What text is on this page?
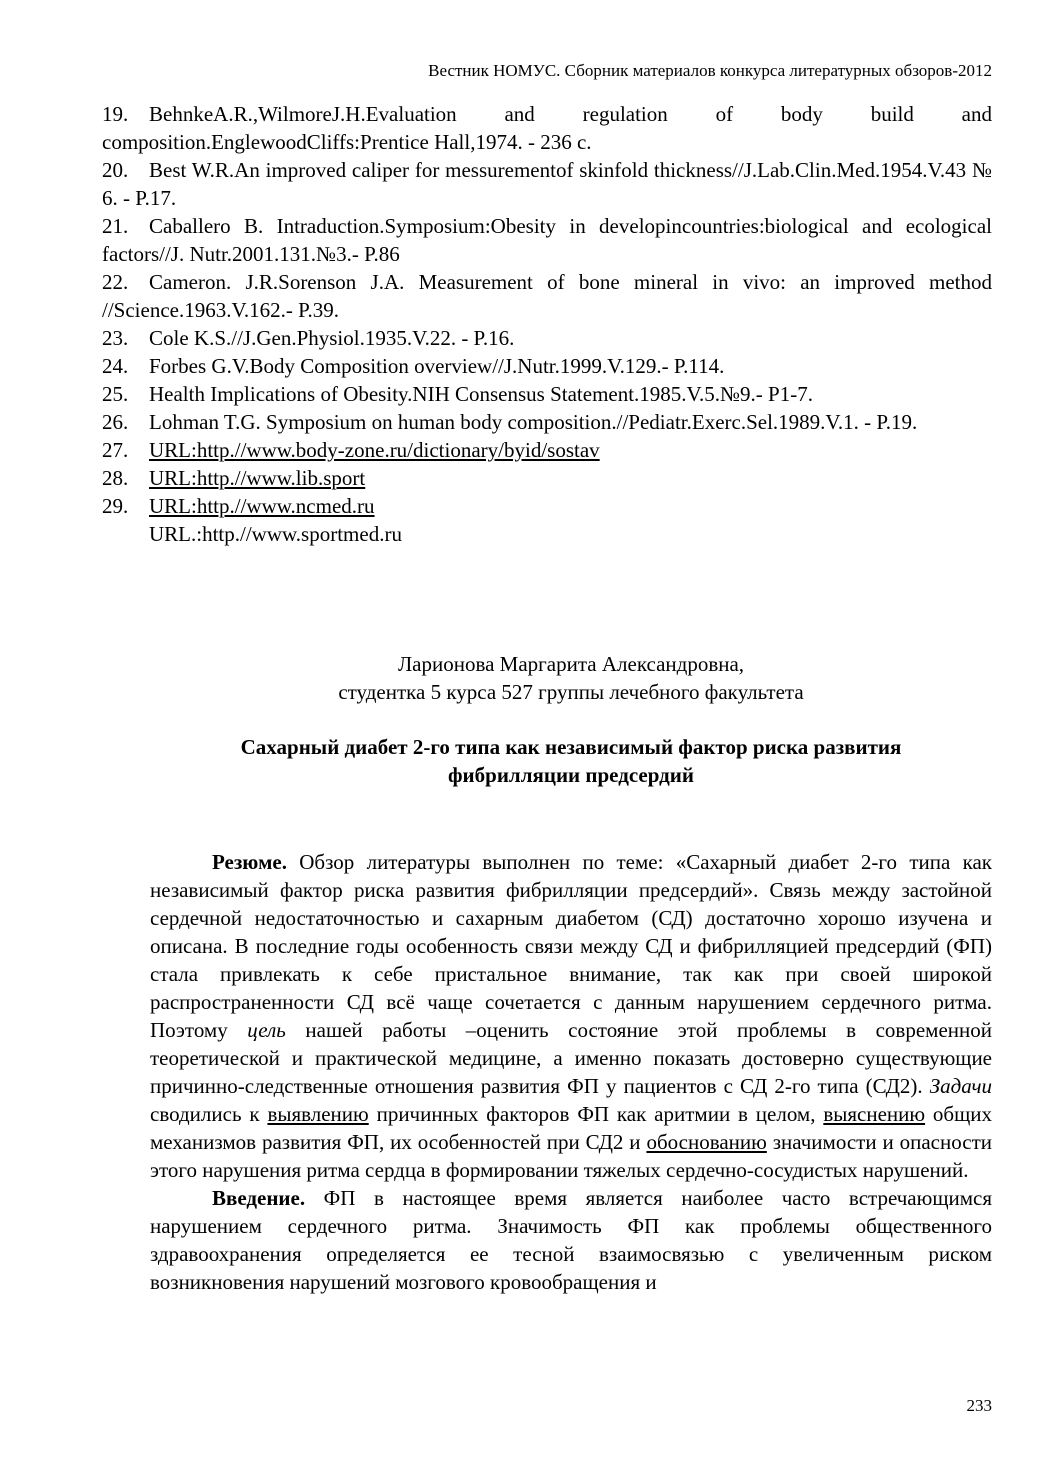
Вестник НОМУС. Сборник материалов конкурса литературных обзоров-2012
19. BehnkeA.R.,WilmoreJ.H.Evaluation and regulation of body build and composition.EnglewoodCliffs:Prentice Hall,1974. - 236 c.
20. Best W.R.An improved caliper for messurementof skinfold thickness//J.Lab.Clin.Med.1954.V.43 № 6. - P.17.
21. Caballero B. Intraduction.Symposium:Obesity in developincountries:biological and ecological factors//J. Nutr.2001.131.№3.- P.86
22. Cameron. J.R.Sorenson J.A. Measurement of bone mineral in vivo: an improved method //Science.1963.V.162.- P.39.
23. Cole K.S.//J.Gen.Physiol.1935.V.22. - P.16.
24. Forbes G.V.Body Composition overview//J.Nutr.1999.V.129.- P.114.
25. Health Implications of Obesity.NIH Consensus Statement.1985.V.5.№9.- P1-7.
26. Lohman T.G. Symposium on human body composition.//Pediatr.Exerc.Sel.1989.V.1. - P.19.
27. URL:http.//www.body-zone.ru/dictionary/byid/sostav
28. URL:http.//www.lib.sport
29. URL:http.//www.ncmed.ru
URL.:http.//www.sportmed.ru
Ларионова Маргарита Александровна,
студентка 5 курса 527 группы лечебного факультета
Сахарный диабет 2-го типа как независимый фактор риска развития
фибрилляции предсердий

Резюме. Обзор литературы выполнен по теме: «Сахарный диабет 2-го типа как независимый фактор риска развития фибрилляции предсердий». Связь между застойной сердечной недостаточностью и сахарным диабетом (СД) достаточно хорошо изучена и описана. В последние годы особенность связи между СД и фибрилляцией предсердий (ФП) стала привлекать к себе пристальное внимание, так как при своей широкой распространенности СД всё чаще сочетается с данным нарушением сердечного ритма. Поэтому цель нашей работы –оценить состояние этой проблемы в современной теоретической и практической медицине, а именно показать достоверно существующие причинно-следственные отношения развития ФП у пациентов с СД 2-го типа (СД2). Задачи сводились к выявлению причинных факторов ФП как аритмии в целом, выяснению общих механизмов развития ФП, их особенностей при СД2 и обоснованию значимости и опасности этого нарушения ритма сердца в формировании тяжелых сердечно-сосудистых нарушений.

Введение. ФП в настоящее время является наиболее часто встречающимся нарушением сердечного ритма. Значимость ФП как проблемы общественного здравоохранения определяется ее тесной взаимосвязью с увеличенным риском возникновения нарушений мозгового кровообращения и

233
